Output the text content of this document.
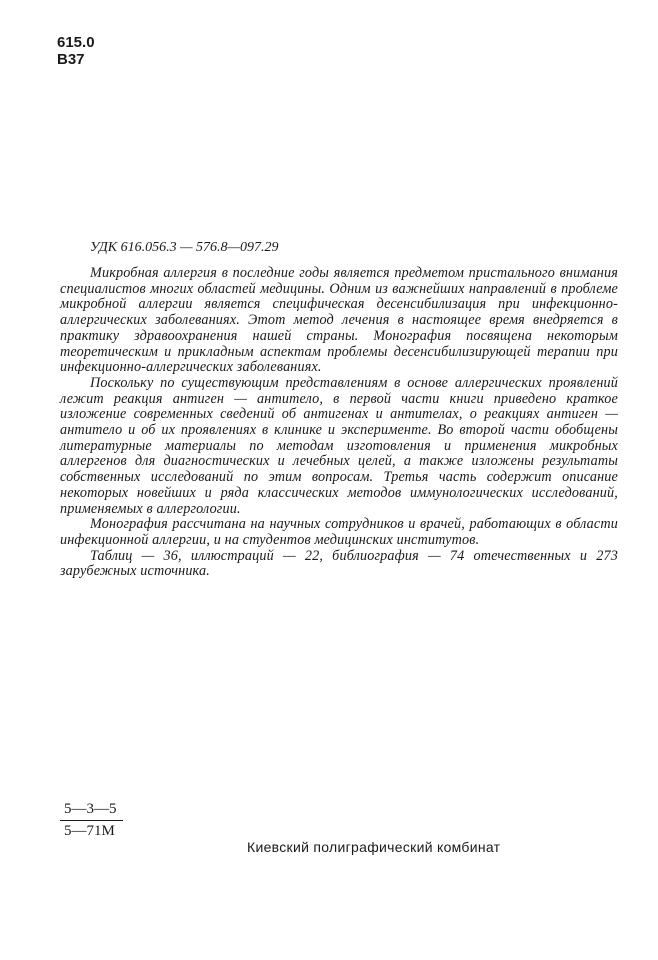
615.0
В37
УДК 616.056.3 — 576.8—097.29

Микробная аллергия в последние годы является предметом пристального внимания специалистов многих областей медицины. Одним из важнейших направлений в проблеме микробной аллергии является специфическая десенсибилизация при инфекционно-аллергических заболеваниях. Этот метод лечения в настоящее время внедряется в практику здравоохранения нашей страны. Монография посвящена некоторым теоретическим и прикладным аспектам проблемы десенсибилизирующей терапии при инфекционно-аллергических заболеваниях.

Поскольку по существующим представлениям в основе аллергических проявлений лежит реакция антиген — антитело, в первой части книги приведено краткое изложение современных сведений об антигенах и антителах, о реакциях антиген — антитело и об их проявлениях в клинике и эксперименте. Во второй части обобщены литературные материалы по методам изготовления и применения микробных аллергенов для диагностических и лечебных целей, а также изложены результаты собственных исследований по этим вопросам. Третья часть содержит описание некоторых новейших и ряда классических методов иммунологических исследований, применяемых в аллергологии.

Монография рассчитана на научных сотрудников и врачей, работающих в области инфекционной аллергии, и на студентов медицинских институтов.

Таблиц — 36, иллюстраций — 22, библиография — 74 отечественных и 273 зарубежных источника.

5—3—5
5—71М
Киевский полиграфический комбинат
